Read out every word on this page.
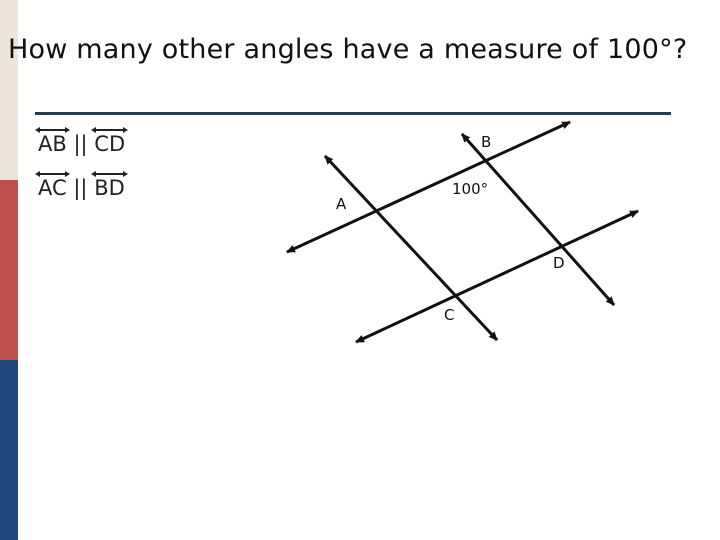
How many other angles have a measure of 100°?
AB ||
CD
AC ||
BD
A
B
C
D
100°
